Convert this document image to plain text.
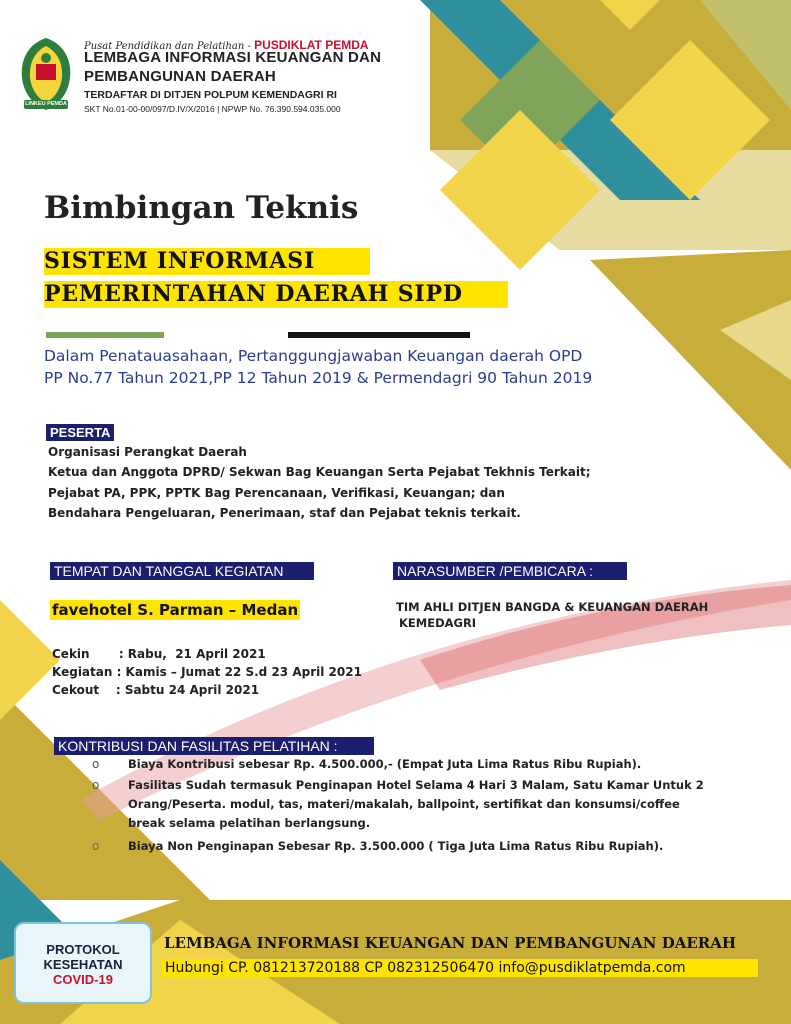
LINKEU PEMDA
Pusat Pendidikan dan Pelatihan - PUSDIKLAT PEMDA
LEMBAGA INFORMASI KEUANGAN DAN
PEMBANGUNAN DAERAH
TERDAFTAR DI DITJEN POLPUM KEMENDAGRI RI
SKT No.01-00-00/097/D.IV/X/2016 | NPWP No. 76.390.594.035.000
Bimbingan Teknis
SISTEM INFORMASI
PEMERINTAHAN DAERAH SIPD
Dalam Penatauasahaan, Pertanggungjawaban Keuangan daerah OPD
PP No.77 Tahun 2021,PP 12 Tahun 2019 & Permendagri 90 Tahun 2019
PESERTA
Organisasi Perangkat Daerah
Ketua dan Anggota DPRD/ Sekwan Bag Keuangan Serta Pejabat Tekhnis Terkait;
Pejabat PA, PPK, PPTK Bag Perencanaan, Verifikasi, Keuangan; dan
Bendahara Pengeluaran, Penerimaan, staf dan Pejabat teknis terkait.
TEMPAT DAN TANGGAL KEGIATAN
favehotel S. Parman – Medan
Cekin       : Rabu,  21 April 2021
Kegiatan : Kamis – Jumat 22 S.d 23 April 2021
Cekout    : Sabtu 24 April 2021
NARASUMBER /PEMBICARA :
TIM AHLI DITJEN BANGDA & KEUANGAN DAERAH
KEMEDAGRI
KONTRIBUSI DAN FASILITAS PELATIHAN :
o Biaya Kontribusi sebesar Rp. 4.500.000,- (Empat Juta Lima Ratus Ribu Rupiah).
o Fasilitas Sudah termasuk Penginapan Hotel Selama 4 Hari 3 Malam, Satu Kamar Untuk 2
Orang/Peserta. modul, tas, materi/makalah, ballpoint, sertifikat dan konsumsi/coffee
break selama pelatihan berlangsung.
o Biaya Non Penginapan Sebesar Rp. 3.500.000 ( Tiga Juta Lima Ratus Ribu Rupiah).
PROTOKOL
KESEHATAN
COVID-19
LEMBAGA INFORMASI KEUANGAN DAN PEMBANGUNAN DAERAH
Hubungi CP. 081213720188 CP 082312506470 info@pusdiklatpemda.com
